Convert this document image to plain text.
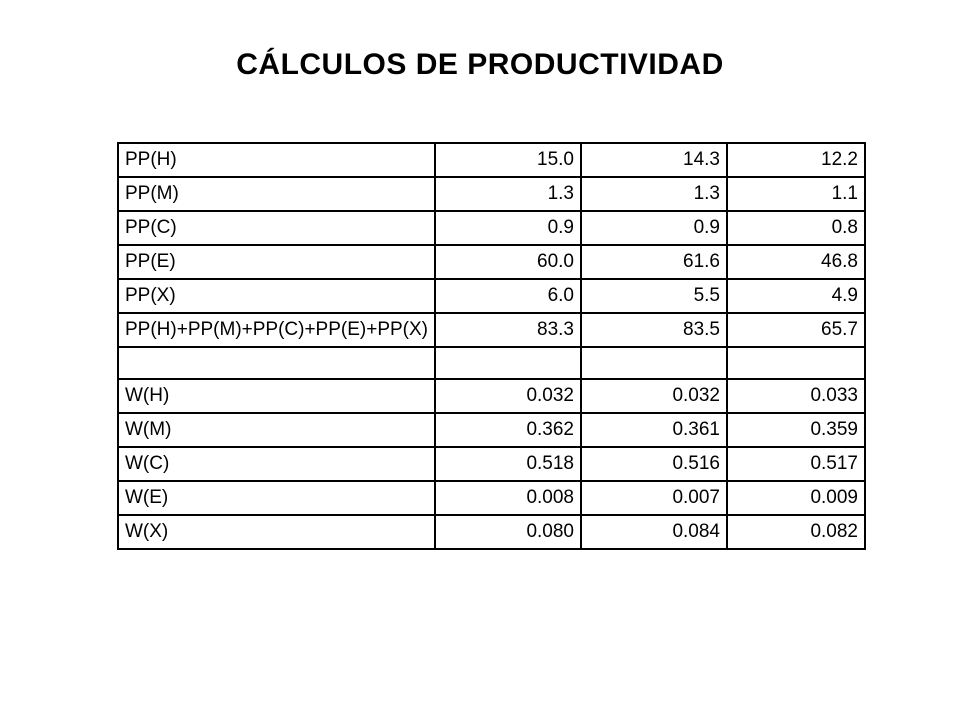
CÁLCULOS DE PRODUCTIVIDAD
PP(H)	15.0	14.3	12.2
PP(M)	1.3	1.3	1.1
PP(C)	0.9	0.9	0.8
PP(E)	60.0	61.6	46.8
PP(X)	6.0	5.5	4.9
PP(H)+PP(M)+PP(C)+PP(E)+PP(X)	83.3	83.5	65.7

W(H)	0.032	0.032	0.033
W(M)	0.362	0.361	0.359
W(C)	0.518	0.516	0.517
W(E)	0.008	0.007	0.009
W(X)	0.080	0.084	0.082
